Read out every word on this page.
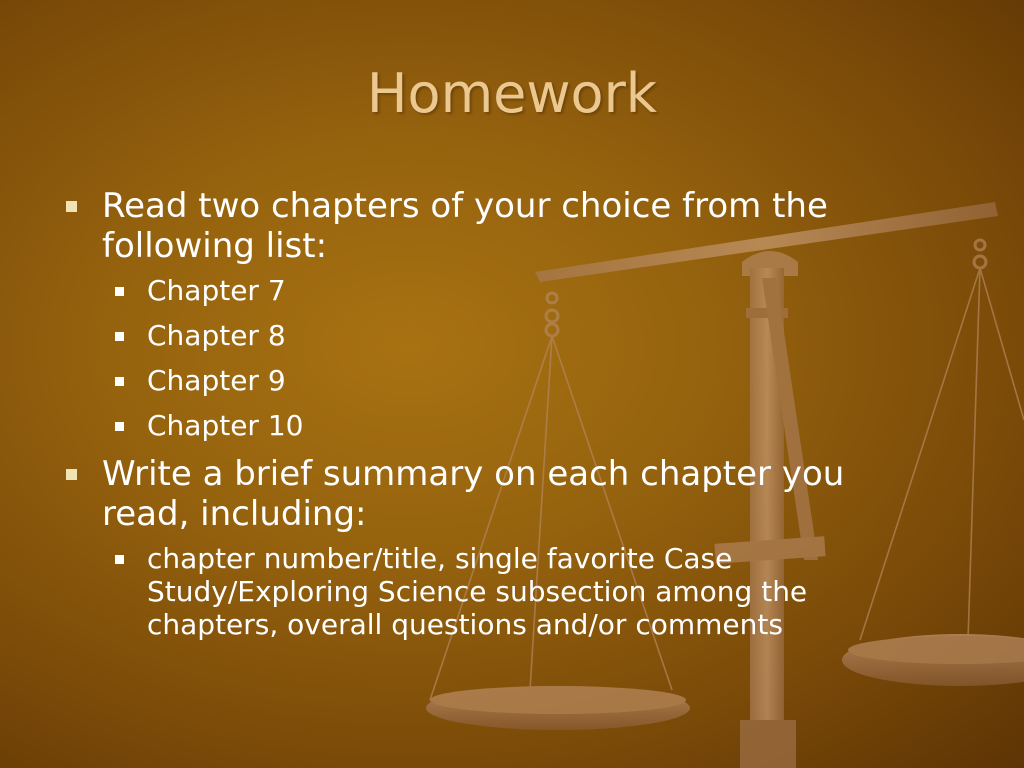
Homework
Read two chapters of your choice from the following list:
Chapter 7
Chapter 8
Chapter 9
Chapter 10
Write a brief summary on each chapter you read, including:
chapter number/title, single favorite Case Study/Exploring Science subsection among the chapters, overall questions and/or comments
